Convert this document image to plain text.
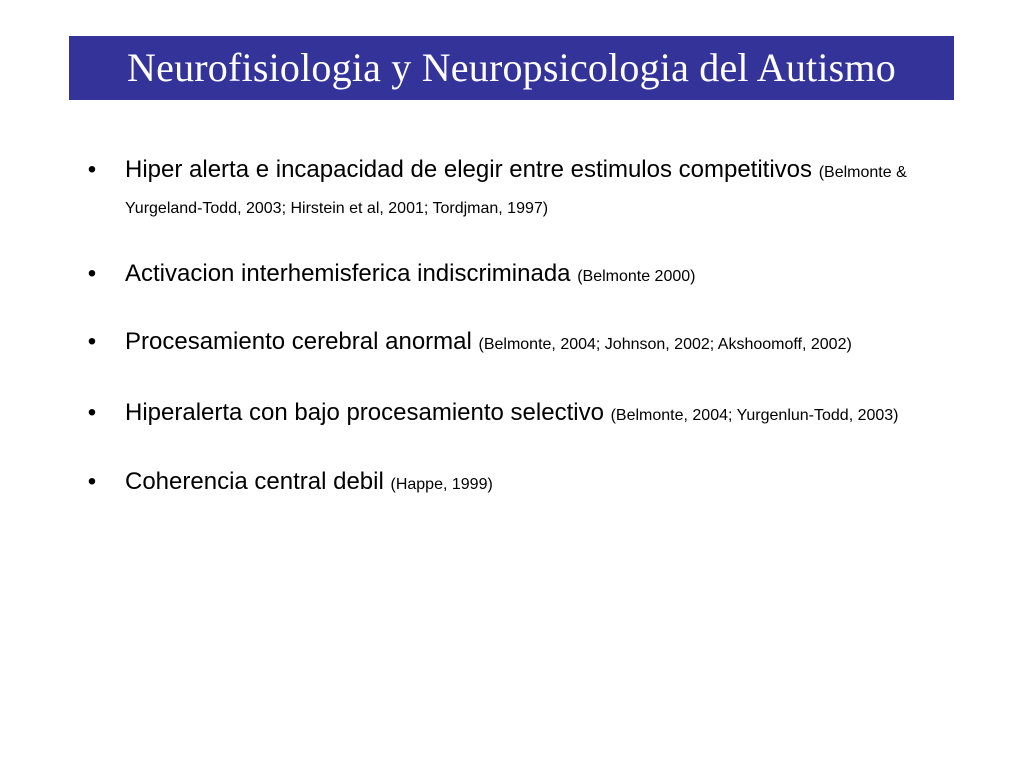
Neurofisiologia y Neuropsicologia del Autismo
• Hiper alerta e incapacidad de elegir entre estimulos competitivos (Belmonte & Yurgeland-Todd, 2003; Hirstein et al, 2001; Tordjman, 1997)
• Activacion interhemisferica indiscriminada (Belmonte 2000)
• Procesamiento cerebral anormal (Belmonte, 2004; Johnson, 2002; Akshoomoff, 2002)
• Hiperalerta con bajo procesamiento selectivo (Belmonte, 2004; Yurgenlun-Todd, 2003)
• Coherencia central debil (Happe, 1999)
